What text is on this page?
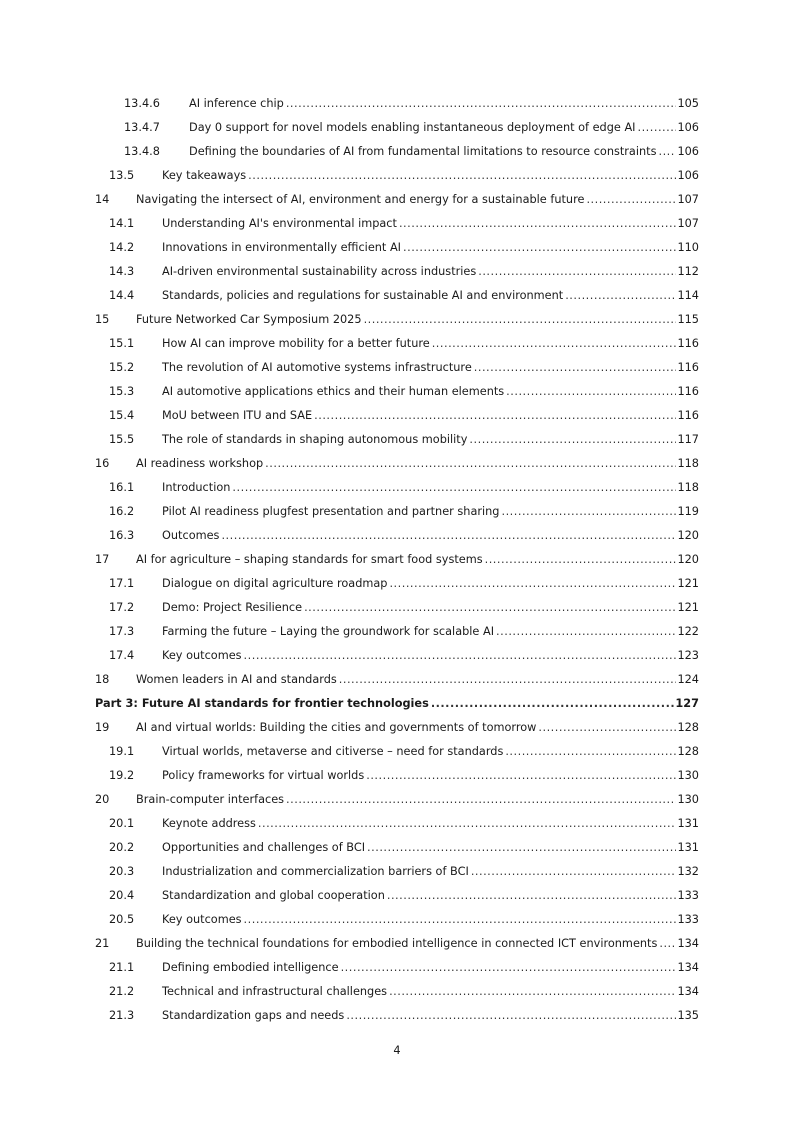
13.4.6	AI inference chip .....	105
13.4.7	Day 0 support for novel models enabling instantaneous deployment of edge AI .....	106
13.4.8	Defining the boundaries of AI from fundamental limitations to resource constraints ..... 106
13.5 Key takeaways .....	106
14 Navigating the intersect of AI, environment and energy for a sustainable future .....	107
14.1 Understanding AI's environmental impact .....	107
14.2 Innovations in environmentally efficient AI .....	110
14.3 AI-driven environmental sustainability across industries .....	112
14.4 Standards, policies and regulations for sustainable AI and environment .....	114
15 Future Networked Car Symposium 2025 .....	115
15.1 How AI can improve mobility for a better future .....	116
15.2 The revolution of AI automotive systems infrastructure .....	116
15.3 AI automotive applications ethics and their human elements .....	116
15.4 MoU between ITU and SAE .....	116
15.5 The role of standards in shaping autonomous mobility .....	117
16 AI readiness workshop .....	118
16.1 Introduction .....	118
16.2 Pilot AI readiness plugfest presentation and partner sharing .....	119
16.3 Outcomes .....	120
17 AI for agriculture – shaping standards for smart food systems .....	120
17.1 Dialogue on digital agriculture roadmap .....	121
17.2 Demo: Project Resilience .....	121
17.3 Farming the future – Laying the groundwork for scalable AI .....	122
17.4 Key outcomes .....	123
18 Women leaders in AI and standards .....	124
Part 3: Future AI standards for frontier technologies .....	127
19 AI and virtual worlds: Building the cities and governments of tomorrow .....	128
19.1 Virtual worlds, metaverse and citiverse – need for standards .....	128
19.2 Policy frameworks for virtual worlds .....	130
20 Brain-computer interfaces .....	130
20.1 Keynote address .....	131
20.2 Opportunities and challenges of BCI .....	131
20.3 Industrialization and commercialization barriers of BCI .....	132
20.4 Standardization and global cooperation .....	133
20.5 Key outcomes .....	133
21 Building the technical foundations for embodied intelligence in connected ICT environments ..... 134
21.1 Defining embodied intelligence .....	134
21.2 Technical and infrastructural challenges .....	134
21.3 Standardization gaps and needs .....	135
4
